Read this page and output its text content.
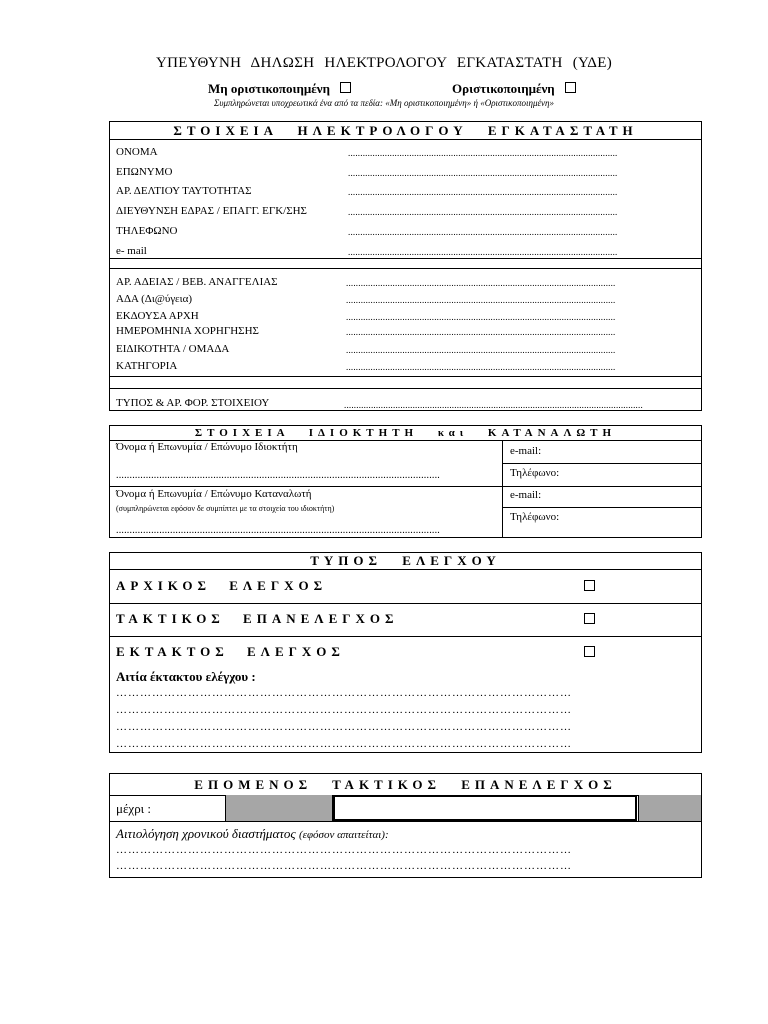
ΥΠΕΥΘΥΝΗ ΔΗΛΩΣΗ ΗΛΕΚΤΡΟΛΟΓΟΥ ΕΓΚΑΤΑΣΤΑΤΗ (ΥΔΕ)
Μη οριστικοποιημένη	Οριστικοποιημένη
Συμπληρώνεται υποχρεωτικά ένα από τα πεδία: «Μη οριστικοποιημένη» ή «Οριστικοποιημένη»
ΣΤΟΙΧΕΙΑ ΗΛΕΚΤΡΟΛΟΓΟΥ ΕΓΚΑΤΑΣΤΑΤΗ
ΟΝΟΜΑ
ΕΠΩΝΥΜΟ
ΑΡ. ΔΕΛΤΙΟΥ ΤΑΥΤΟΤΗΤΑΣ
ΔΙΕΥΘΥΝΣΗ ΕΔΡΑΣ / ΕΠΑΓΓ. ΕΓΚ/ΣΗΣ
ΤΗΛΕΦΩΝΟ
e- mail
..............................................................................................................
..............................................................................................................
..............................................................................................................
..............................................................................................................
..............................................................................................................
..............................................................................................................
ΑΡ. ΑΔΕΙΑΣ / ΒΕΒ. ΑΝΑΓΓΕΛΙΑΣ
ΑΔΑ (Δι@ύγεια)
ΕΚΔΟΥΣΑ ΑΡΧΗ
ΗΜΕΡΟΜΗΝΙΑ ΧΟΡΗΓΗΣΗΣ
ΕΙΔΙΚΟΤΗΤΑ / ΟΜΑΔΑ
ΚΑΤΗΓΟΡΙΑ
..............................................................................................................
..............................................................................................................
..............................................................................................................
..............................................................................................................
..............................................................................................................
..............................................................................................................
ΤΥΠΟΣ & ΑΡ. ΦΟΡ. ΣΤΟΙΧΕΙΟΥ	..........................................................................................................................
ΣΤΟΙΧΕΙΑ ΙΔΙΟΚΤΗΤΗ και ΚΑΤΑΝΑΛΩΤΗ
Όνομα ή Επωνυμία / Επώνυμο Ιδιοκτήτη
........................................................................................................................
Όνομα ή Επωνυμία / Επώνυμο Καταναλωτή
(συμπληρώνεται εφόσον δε συμπίπτει με τα στοιχεία του ιδιοκτήτη)
........................................................................................................................
e-mail:
Τηλέφωνο:
e-mail:
Τηλέφωνο:
ΤΥΠΟΣ ΕΛΕΓΧΟΥ
ΑΡΧΙΚΟΣ ΕΛΕΓΧΟΣ
ΤΑΚΤΙΚΟΣ ΕΠΑΝΕΛΕΓΧΟΣ
ΕΚΤΑΚΤΟΣ ΕΛΕΓΧΟΣ
Αιτία έκτακτου ελέγχου :
……………………………………………………………………………………………………
……………………………………………………………………………………………………
……………………………………………………………………………………………………
……………………………………………………………………………………………………
ΕΠΟΜΕΝΟΣ ΤΑΚΤΙΚΟΣ ΕΠΑΝΕΛΕΓΧΟΣ
μέχρι :
Αιτιολόγηση χρονικού διαστήματος (εφόσον απαιτείται):
……………………………………………………………………………………………………
……………………………………………………………………………………………………
